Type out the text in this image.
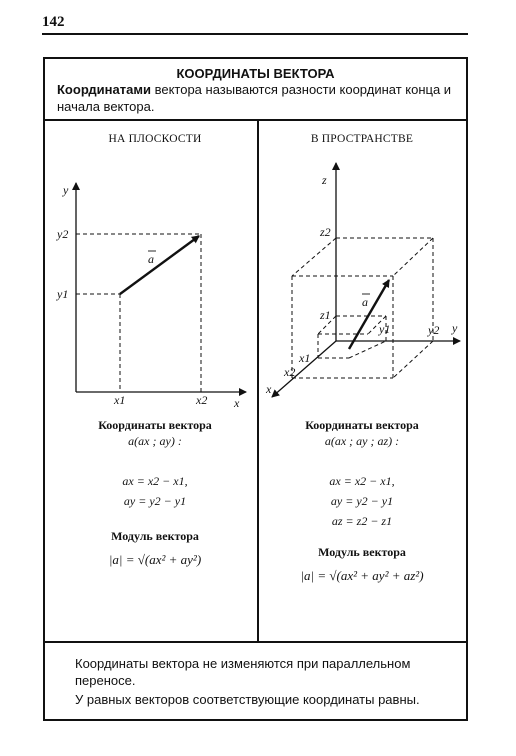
142
КООРДИНАТЫ ВЕКТОРА
Координатами вектора называются разности координат конца и начала вектора.
Координаты вектора не изменяются при параллельном переносе.
У равных векторов соответствующие координаты равны.
НА ПЛОСКОСТИ
Координаты вектора
a(ax ; ay) :
ax = x2 − x1,
ay = y2 − y1
Модуль вектора
|a| = √(ax² + ay²)
В ПРОСТРАНСТВЕ
Координаты вектора
a(ax ; ay ; az) :
ax = x2 − x1,
ay = y2 − y1
az = z2 − z1
Модуль вектора
|a| = √(ax² + ay² + az²)
a
y
x
y2
y1
x1	x2
a
z
y
x
z2
z1
y1	y2
x1
x2
